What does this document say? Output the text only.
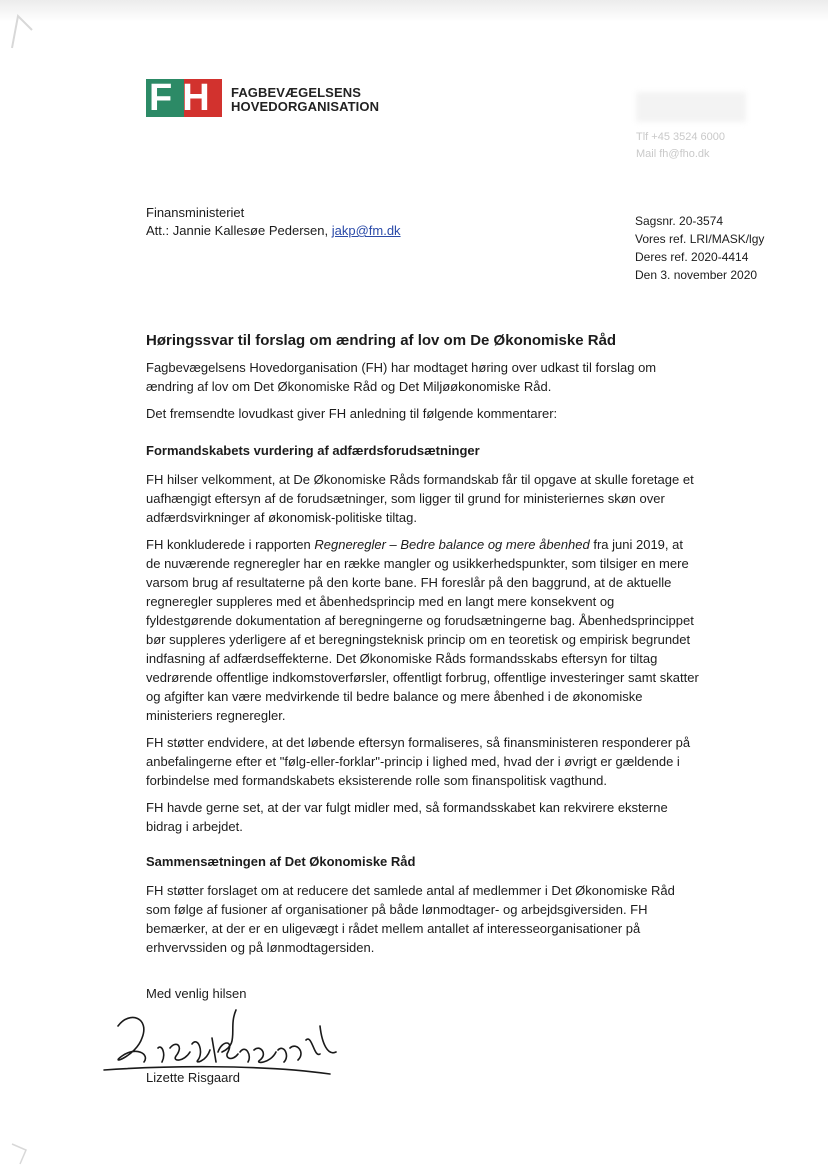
FH FAGBEVÆGELSENS
HOVEDORGANISATION
Tlf +45 3524 6000
Mail fh@fho.dk
Finansministeriet
Att.: Jannie Kallesøe Pedersen, jakp@fm.dk
Sagsnr. 20-3574
Vores ref. LRI/MASK/lgy
Deres ref. 2020-4414
Den 3. november 2020
Høringssvar til forslag om ændring af lov om De Økonomiske Råd
Fagbevægelsens Hovedorganisation (FH) har modtaget høring over udkast til forslag om ændring af lov om Det Økonomiske Råd og Det Miljøøkonomiske Råd.
Det fremsendte lovudkast giver FH anledning til følgende kommentarer:
Formandskabets vurdering af adfærdsforudsætninger
FH hilser velkomment, at De Økonomiske Råds formandskab får til opgave at skulle foretage et uafhængigt eftersyn af de forudsætninger, som ligger til grund for ministeriernes skøn over adfærdsvirkninger af økonomisk-politiske tiltag.
FH konkluderede i rapporten Regneregler – Bedre balance og mere åbenhed fra juni 2019, at de nuværende regneregler har en række mangler og usikkerhedspunkter, som tilsiger en mere varsom brug af resultaterne på den korte bane. FH foreslår på den baggrund, at de aktuelle regneregler suppleres med et åbenhedsprincip med en langt mere konsekvent og fyldestgørende dokumentation af beregningerne og forudsætningerne bag. Åbenhedsprincippet bør suppleres yderligere af et beregningsteknisk princip om en teoretisk og empirisk begrundet indfasning af adfærdseffekterne. Det Økonomiske Råds formandsskabs eftersyn for tiltag vedrørende offentlige indkomstoverførsler, offentligt forbrug, offentlige investeringer samt skatter og afgifter kan være medvirkende til bedre balance og mere åbenhed i de økonomiske ministeriers regneregler.
FH støtter endvidere, at det løbende eftersyn formaliseres, så finansministeren responderer på anbefalingerne efter et "følg-eller-forklar"-princip i lighed med, hvad der i øvrigt er gældende i forbindelse med formandskabets eksisterende rolle som finanspolitisk vagthund.
FH havde gerne set, at der var fulgt midler med, så formandsskabet kan rekvirere eksterne bidrag i arbejdet.
Sammensætningen af Det Økonomiske Råd
FH støtter forslaget om at reducere det samlede antal af medlemmer i Det Økonomiske Råd som følge af fusioner af organisationer på både lønmodtager- og arbejdsgiversiden. FH bemærker, at der er en uligevægt i rådet mellem antallet af interesseorganisationer på erhvervssiden og på lønmodtagersiden.
Med venlig hilsen
Lizette Risgaard
